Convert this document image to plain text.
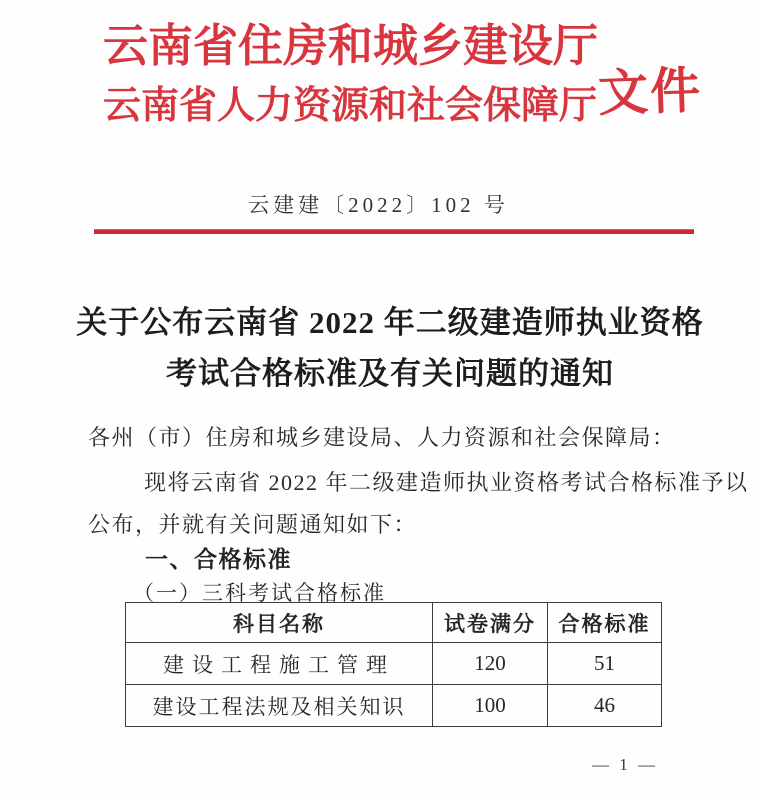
云南省住房和城乡建设厅
云南省人力资源和社会保障厅 文件
云建建〔2022〕102 号
关于公布云南省 2022 年二级建造师执业资格
考试合格标准及有关问题的通知
各州（市）住房和城乡建设局、人力资源和社会保障局：
现将云南省 2022 年二级建造师执业资格考试合格标准予以
公布，并就有关问题通知如下：
一、合格标准
（一）三科考试合格标准
科目名称	试卷满分	合格标准
建设工程施工管理	120	51
建设工程法规及相关知识	100	46
— 1 —
